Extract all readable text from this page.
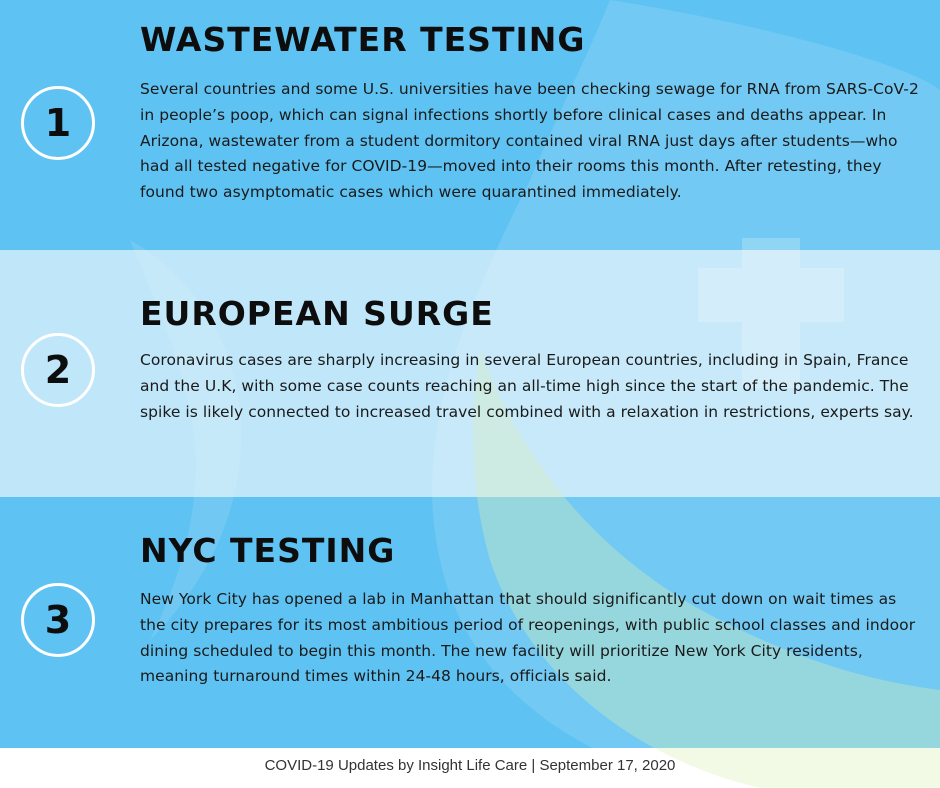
1
WASTEWATER TESTING

Several countries and some U.S. universities have been checking sewage for RNA from SARS-CoV-2 in people’s poop, which can signal infections shortly before clinical cases and deaths appear. In Arizona, wastewater from a student dormitory contained viral RNA just days after students—who had all tested negative for COVID-19—moved into their rooms this month. After retesting, they found two asymptomatic cases which were quarantined immediately.

2
EUROPEAN SURGE

Coronavirus cases are sharply increasing in several European countries, including in Spain, France and the U.K, with some case counts reaching an all-time high since the start of the pandemic. The spike is likely connected to increased travel combined with a relaxation in restrictions, experts say.

3
NYC TESTING

New York City has opened a lab in Manhattan that should significantly cut down on wait times as the city prepares for its most ambitious period of reopenings, with public school classes and indoor dining scheduled to begin this month. The new facility will prioritize New York City residents, meaning turnaround times within 24-48 hours, officials said.

COVID-19 Updates by Insight Life Care | September 17, 2020
